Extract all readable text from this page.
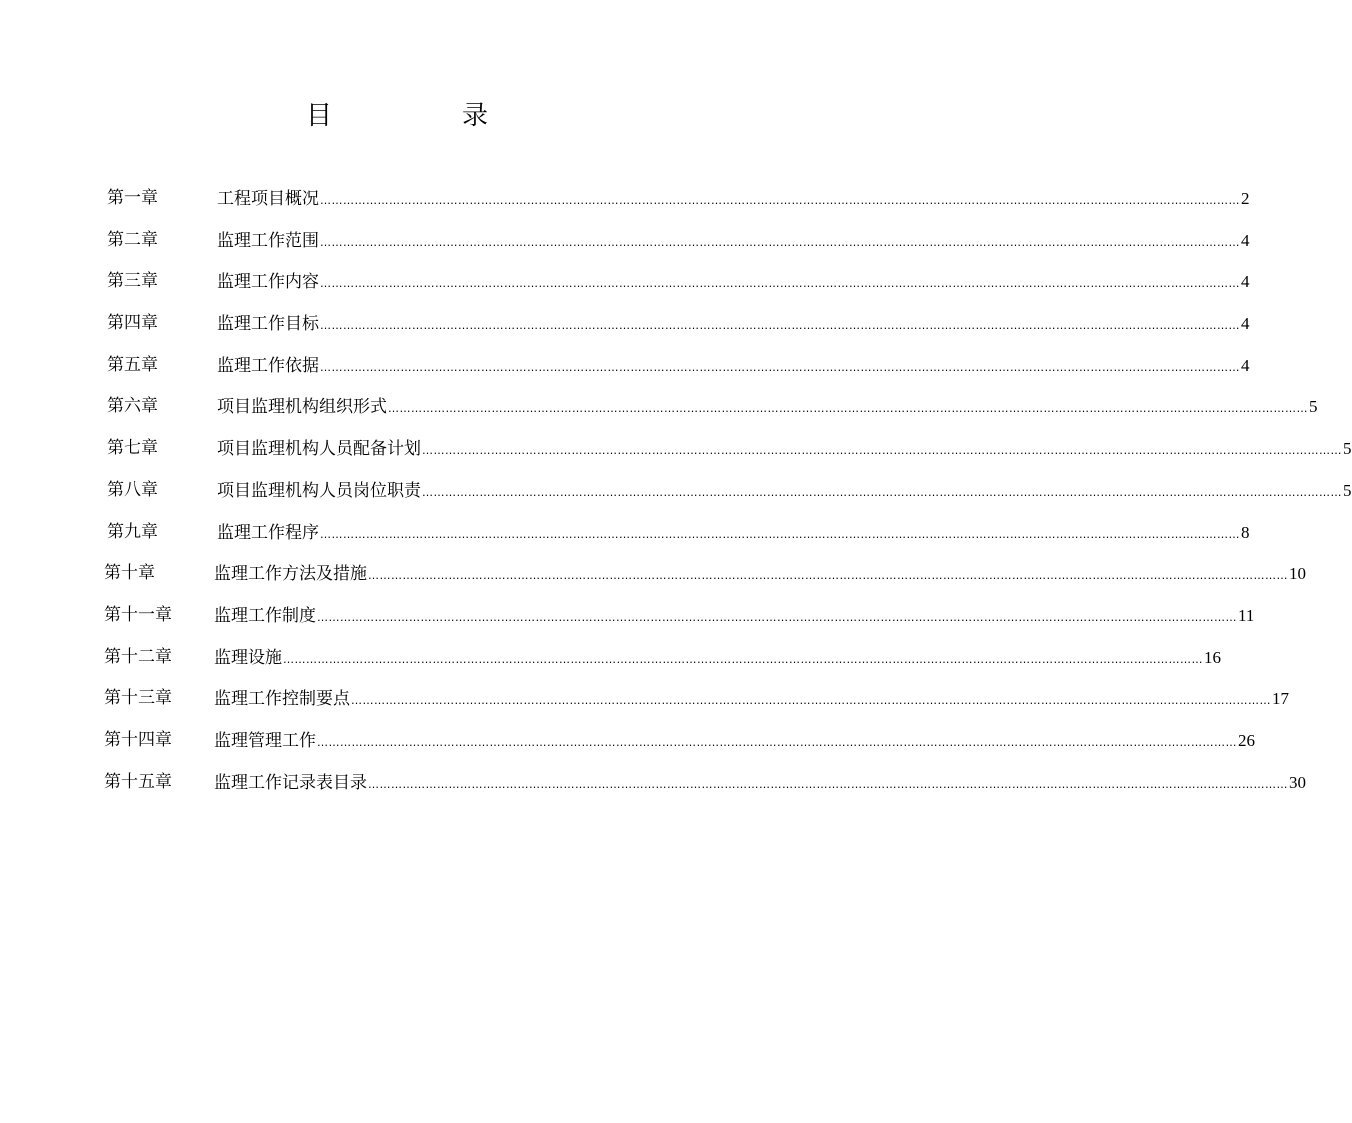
目　录
第一章	工程项目概况 …………………………………………………………………………………………………………………………………………………………………………………………………………………… 2
第二章	监理工作范围 …………………………………………………………………………………………………………………………………………………………………………………………………………………… 4
第三章	监理工作内容 …………………………………………………………………………………………………………………………………………………………………………………………………………………… 4
第四章	监理工作目标 …………………………………………………………………………………………………………………………………………………………………………………………………………………… 4
第五章	监理工作依据 …………………………………………………………………………………………………………………………………………………………………………………………………………………… 4
第六章	项目监理机构组织形式 …………………………………………………………………………………………………………………………………………………………………………………………………………………… 5
第七章	项目监理机构人员配备计划 …………………………………………………………………………………………………………………………………………………………………………………………………………………… 5
第八章	项目监理机构人员岗位职责 …………………………………………………………………………………………………………………………………………………………………………………………………………………… 5
第九章	监理工作程序 …………………………………………………………………………………………………………………………………………………………………………………………………………………… 8
第十章	监理工作方法及措施 …………………………………………………………………………………………………………………………………………………………………………………………………………………… 10
第十一章 监理工作制度 …………………………………………………………………………………………………………………………………………………………………………………………………………………… 11
第十二章 监理设施 …………………………………………………………………………………………………………………………………………………………………………………………………………………… 16
第十三章 监理工作控制要点 …………………………………………………………………………………………………………………………………………………………………………………………………………………… 17
第十四章 监理管理工作 …………………………………………………………………………………………………………………………………………………………………………………………………………………… 26
第十五章 监理工作记录表目录 …………………………………………………………………………………………………………………………………………………………………………………………………………………… 30
